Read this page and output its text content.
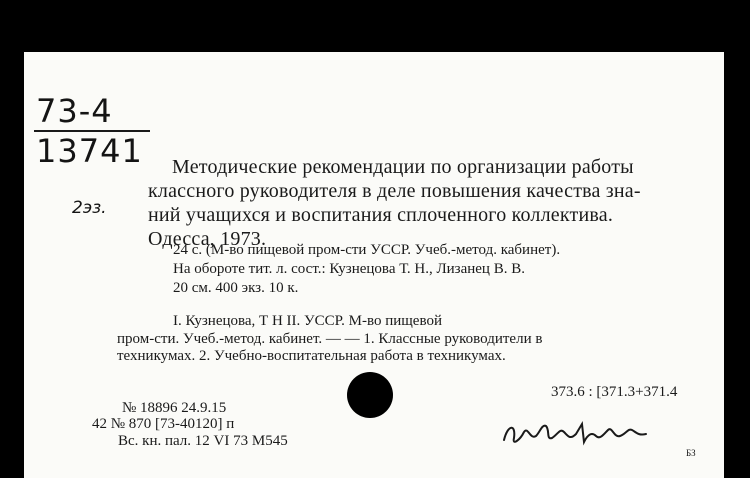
73-4
13741
2эз.
Методические рекомендации по организации работы
классного руководителя в деле повышения качества зна-
ний учащихся и воспитания сплоченного коллектива.
Одесса, 1973.
24 с. (М-во пищевой пром-сти УССР. Учеб.-метод. кабинет).
На обороте тит. л. сост.: Кузнецова Т. Н., Лизанец В. В.
20 см. 400 экз. 10 к.
I. Кузнецова, Т Н II. УССР. М-во пищевой
пром-сти. Учеб.-метод. кабинет. — — 1. Классные руководители в
техникумах. 2. Учебно-воспитательная работа в техникумах.
373.6 : [371.3+371.4
№ 18896 24.9.15
42 № 870 [73-40120] п
Вс. кн. пал. 12 VI 73 М545
БЗ
